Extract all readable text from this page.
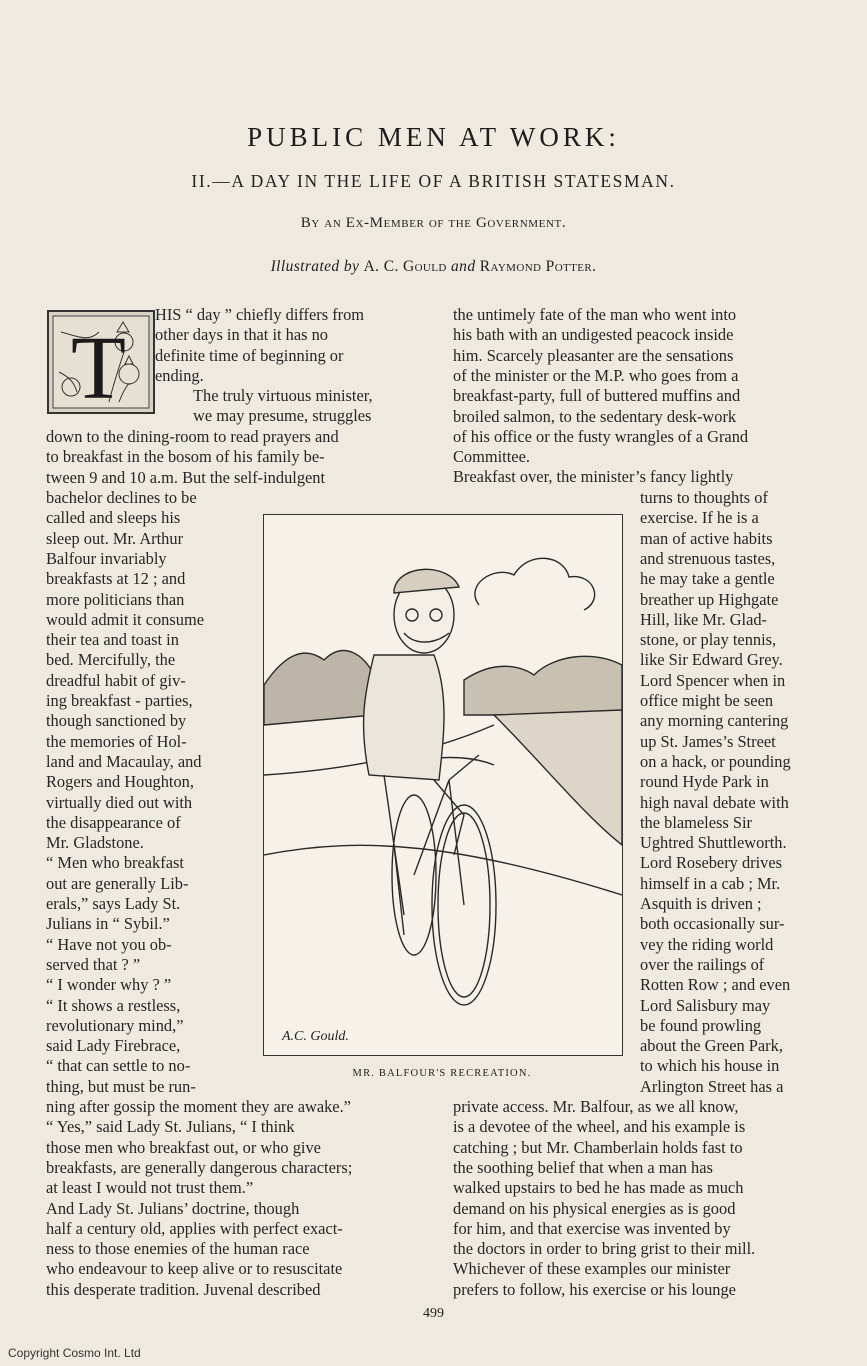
PUBLIC MEN AT WORK:
II.—A DAY IN THE LIFE OF A BRITISH STATESMAN.
By an Ex-Member of the Government.
Illustrated by A. C. Gould and Raymond Potter.
T
A.C. Gould.
MR. BALFOUR'S RECREATION.
499
Copyright Cosmo Int. Ltd
HIS “ day ” chiefly differs from
other days in that it has no
definite time of beginning or
ending.
The truly virtuous minister,
we may presume, struggles
down to the dining-room to read prayers and
to breakfast in the bosom of his family be-
tween 9 and 10 a.m. But the self-indulgent
bachelor declines to be
called and sleeps his
sleep out. Mr. Arthur
Balfour invariably
breakfasts at 12 ; and
more politicians than
would admit it consume
their tea and toast in
bed. Mercifully, the
dreadful habit of giv-
ing breakfast - parties,
though sanctioned by
the memories of Hol-
land and Macaulay, and
Rogers and Houghton,
virtually died out with
the disappearance of
Mr. Gladstone.
“ Men who breakfast
out are generally Lib-
erals,” says Lady St.
Julians in “ Sybil.”
“ Have not you ob-
served that ? ”
“ I wonder why ? ”
“ It shows a restless,
revolutionary mind,”
said Lady Firebrace,
“ that can settle to no-
thing, but must be run-
ning after gossip the moment they are awake.”
“ Yes,” said Lady St. Julians, “ I think
those men who breakfast out, or who give
breakfasts, are generally dangerous characters;
at least I would not trust them.”
And Lady St. Julians’ doctrine, though
half a century old, applies with perfect exact-
ness to those enemies of the human race
who endeavour to keep alive or to resuscitate
this desperate tradition. Juvenal described
the untimely fate of the man who went into
his bath with an undigested peacock inside
him. Scarcely pleasanter are the sensations
of the minister or the M.P. who goes from a
breakfast-party, full of buttered muffins and
broiled salmon, to the sedentary desk-work
of his office or the fusty wrangles of a Grand
Committee.
Breakfast over, the minister’s fancy lightly
turns to thoughts of
exercise. If he is a
man of active habits
and strenuous tastes,
he may take a gentle
breather up Highgate
Hill, like Mr. Glad-
stone, or play tennis,
like Sir Edward Grey.
Lord Spencer when in
office might be seen
any morning cantering
up St. James’s Street
on a hack, or pounding
round Hyde Park in
high naval debate with
the blameless Sir
Ughtred Shuttleworth.
Lord Rosebery drives
himself in a cab ; Mr.
Asquith is driven ;
both occasionally sur-
vey the riding world
over the railings of
Rotten Row ; and even
Lord Salisbury may
be found prowling
about the Green Park,
to which his house in
Arlington Street has a
private access. Mr. Balfour, as we all know,
is a devotee of the wheel, and his example is
catching ; but Mr. Chamberlain holds fast to
the soothing belief that when a man has
walked upstairs to bed he has made as much
demand on his physical energies as is good
for him, and that exercise was invented by
the doctors in order to bring grist to their mill.
Whichever of these examples our minister
prefers to follow, his exercise or his lounge
